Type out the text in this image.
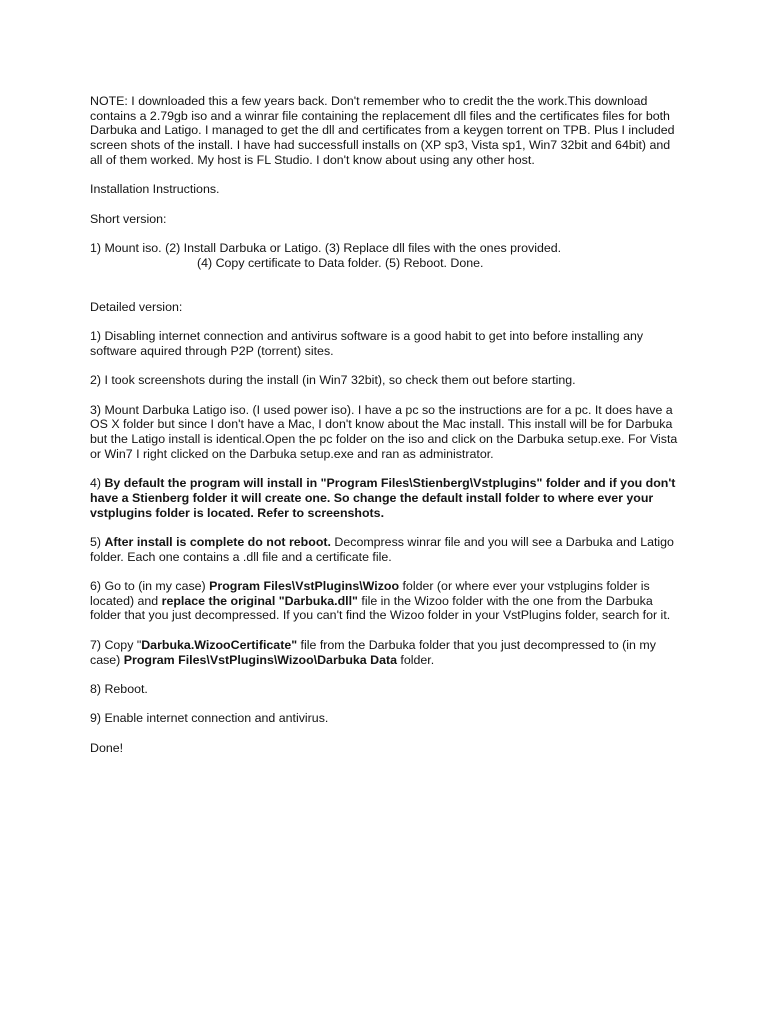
NOTE: I downloaded this a few years back. Don't remember who to credit the the work.This download contains a 2.79gb iso and a winrar file containing the replacement dll files and the certificates files for both Darbuka and Latigo. I managed to get the dll and certificates from a keygen torrent on TPB. Plus I included screen shots of the install. I have had successfull installs on (XP sp3, Vista sp1, Win7 32bit and 64bit) and all of them worked. My host is FL Studio. I don't know about using any other host.

Installation Instructions.

Short version:

1) Mount iso. (2) Install Darbuka or Latigo. (3) Replace dll files with the ones provided.

(4) Copy certificate to Data folder. (5) Reboot. Done.

Detailed version:

1) Disabling internet connection and antivirus software is a good habit to get into before installing any software aquired through P2P (torrent) sites.

2) I took screenshots during the install (in Win7 32bit), so check them out before starting.

3) Mount Darbuka Latigo iso. (I used power iso). I have a pc so the instructions are for a pc. It does have a OS X folder but since I don't have a Mac, I don't know about the Mac install. This install will be for Darbuka but the Latigo install is identical.Open the pc folder on the iso and click on the Darbuka setup.exe. For Vista or Win7 I right clicked on the Darbuka setup.exe and ran as administrator.

4) By default the program will install in "Program Files\Stienberg\Vstplugins" folder and if you don't have a Stienberg folder it will create one. So change the default install folder to where ever your vstplugins folder is located. Refer to screenshots.

5) After install is complete do not reboot. Decompress winrar file and you will see a Darbuka and Latigo folder. Each one contains a .dll file and a certificate file.

6) Go to (in my case) Program Files\VstPlugins\Wizoo folder (or where ever your vstplugins folder is located) and replace the original "Darbuka.dll" file in the Wizoo folder with the one from the Darbuka folder that you just decompressed. If you can't find the Wizoo folder in your VstPlugins folder, search for it.

7) Copy "Darbuka.WizooCertificate" file from the Darbuka folder that you just decompressed to (in my case) Program Files\VstPlugins\Wizoo\Darbuka Data folder.

8) Reboot.

9) Enable internet connection and antivirus.

Done!
